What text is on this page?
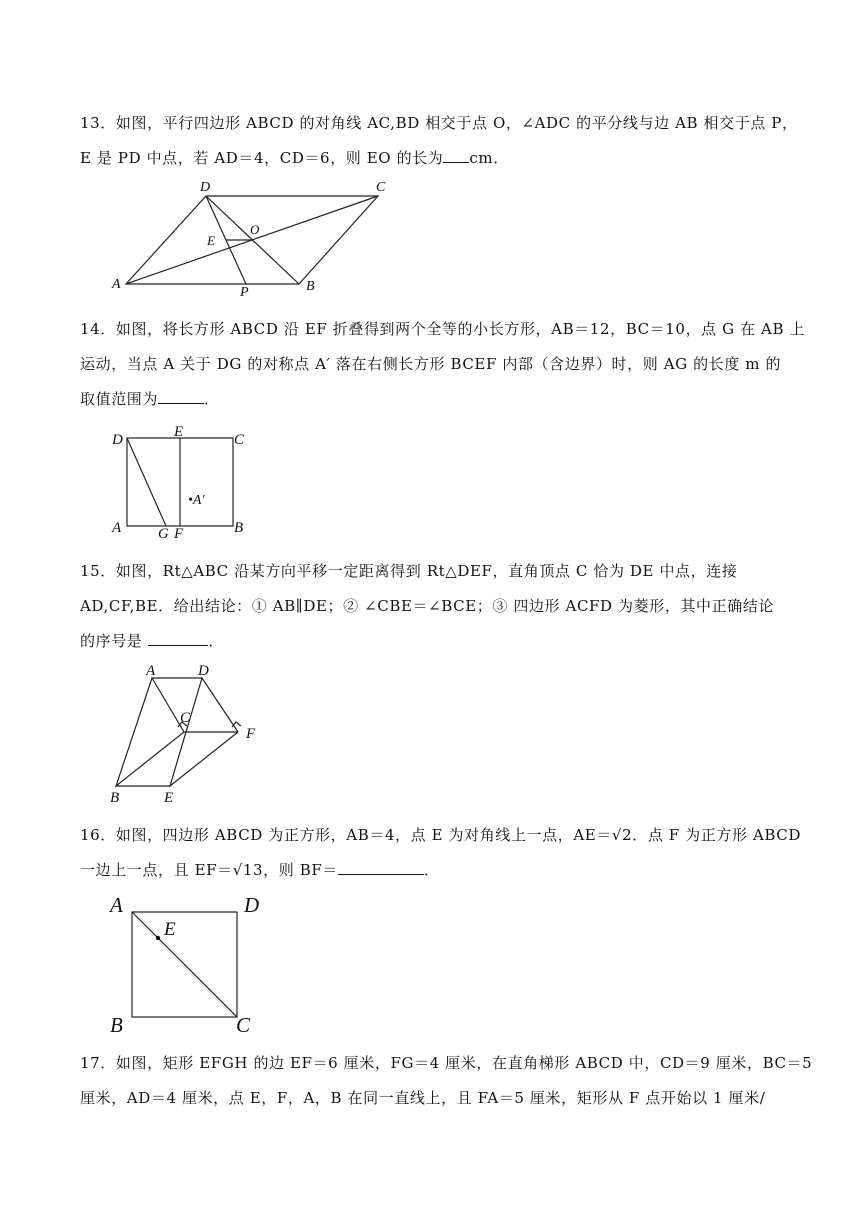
13．如图，平行四边形 ABCD 的对角线 AC,BD 相交于点 O，∠ADC 的平分线与边 AB 相交于点 P，
E 是 PD 中点，若 AD＝4，CD＝6，则 EO 的长为 cm．
A
D	C
B
P
E
O
14．如图，将长方形 ABCD 沿 EF 折叠得到两个全等的小长方形，AB＝12，BC＝10，点 G 在 AB 上
运动，当点 A 关于 DG 的对称点 A′ 落在右侧长方形 BCEF 内部（含边界）时，则 AG 的长度 m 的
取值范围为	．
D	E	C
A G F	B
•A′
15．如图，Rt△ABC 沿某方向平移一定距离得到 Rt△DEF，直角顶点 C 恰为 DE 中点，连接
AD,CF,BE．给出结论：① AB∥DE；② ∠CBE＝∠BCE；③ 四边形 ACFD 为菱形，其中正确结论
的序号是	．
A	D
C
F
B	E
16．如图，四边形 ABCD 为正方形，AB＝4，点 E 为对角线上一点，AE＝√2．点 F 为正方形 ABCD
一边上一点，且 EF＝√13，则 BF＝	．
A	D
B	C
E
17．如图，矩形 EFGH 的边 EF＝6 厘米，FG＝4 厘米，在直角梯形 ABCD 中，CD＝9 厘米，BC＝5
厘米，AD＝4 厘米，点 E，F，A，B 在同一直线上，且 FA＝5 厘米，矩形从 F 点开始以 1 厘米/
